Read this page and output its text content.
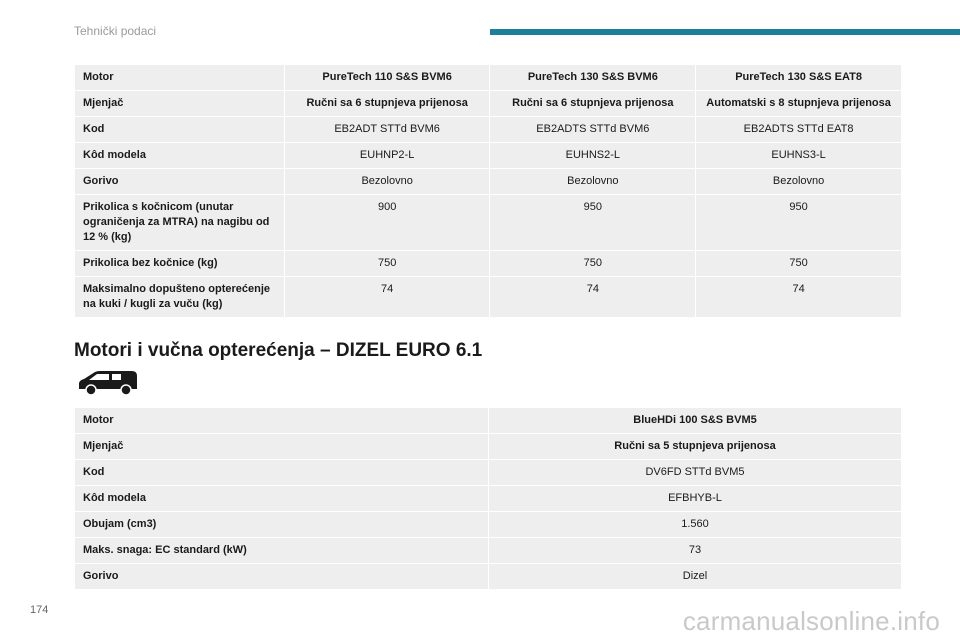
Tehnički podaci
Motor	PureTech 110 S&S BVM6	PureTech 130 S&S BVM6	PureTech 130 S&S EAT8
Mjenjač	Ručni sa 6 stupnjeva prijenosa	Ručni sa 6 stupnjeva prijenosa	Automatski s 8 stupnjeva prijenosa
Kod	EB2ADT STTd BVM6	EB2ADTS STTd BVM6	EB2ADTS STTd EAT8
Kôd modela	EUHNP2-L	EUHNS2-L	EUHNS3-L
Gorivo	Bezolovno	Bezolovno	Bezolovno
Prikolica s kočnicom (unutar ograničenja za MTRA) na nagibu od 12 % (kg)	900	950	950
Prikolica bez kočnice (kg)	750	750	750
Maksimalno dopušteno opterećenje na kuki / kugli za vuču (kg)	74	74	74
Motori i vučna opterećenja – DIZEL EURO 6.1
Motor	BlueHDi 100 S&S BVM5
Mjenjač	Ručni sa 5 stupnjeva prijenosa
Kod	DV6FD STTd BVM5
Kôd modela	EFBHYB-L
Obujam (cm3)	1.560
Maks. snaga: EC standard (kW)	73
Gorivo	Dizel
174	carmanualsonline.info
